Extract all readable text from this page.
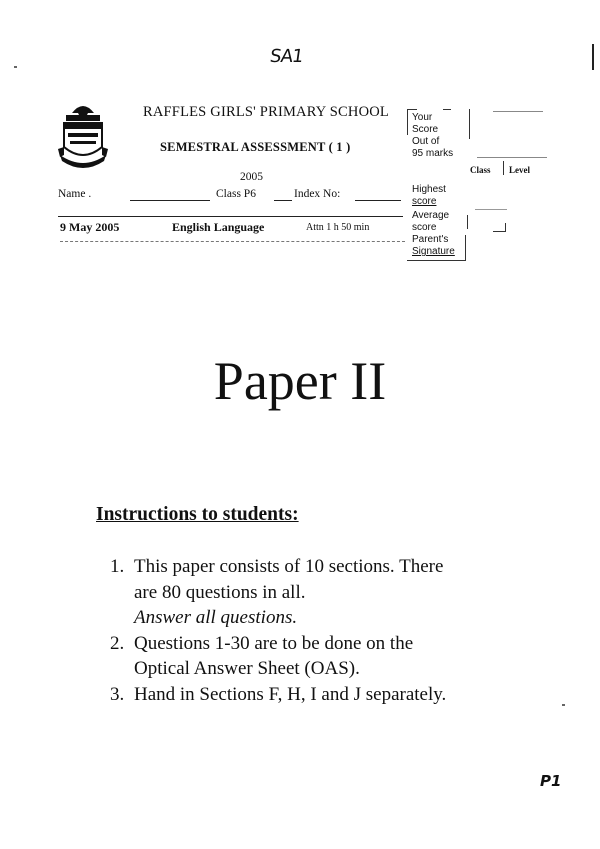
SA1
RAFFLES GIRLS' PRIMARY SCHOOL
SEMESTRAL ASSESSMENT ( 1 )
2005
Name .	Class P6	Index No:
9 May 2005	English Language	Attn 1 h 50 min
Your
Score
Out of
95 marks
Class Level
Highest
score
Average
score
Parent's
Signature
Paper II
Instructions to students:
1. This paper consists of 10 sections. There
are 80 questions in all.
Answer all questions.
2. Questions 1-30 are to be done on the
Optical Answer Sheet (OAS).
3. Hand in Sections F, H, I and J separately.
P1
